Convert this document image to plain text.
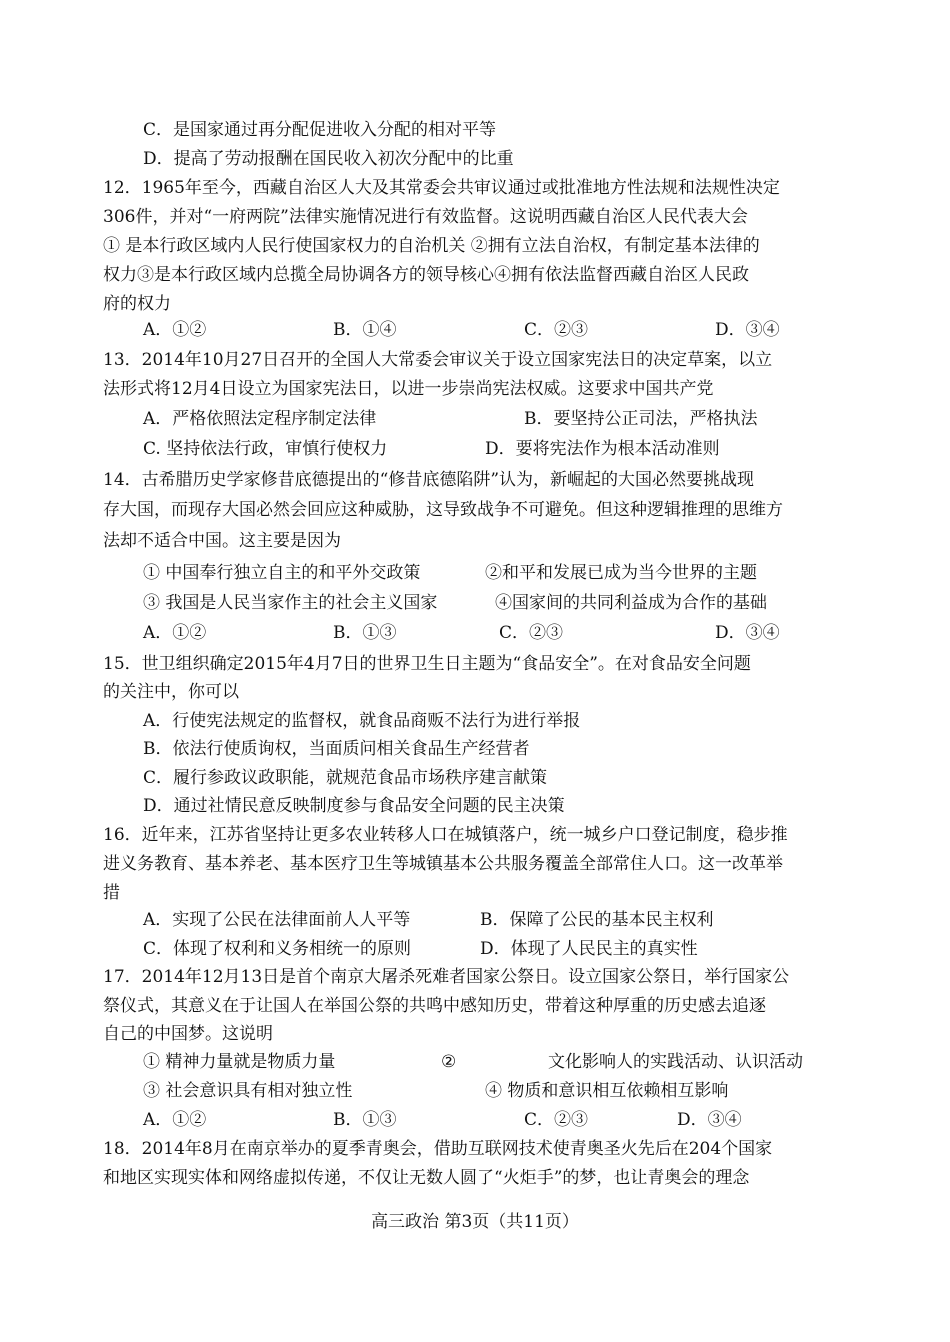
C．是国家通过再分配促进收入分配的相对平等
D．提高了劳动报酬在国民收入初次分配中的比重
12．1965年至今，西藏自治区人大及其常委会共审议通过或批准地方性法规和法规性决定
306件，并对“一府两院”法律实施情况进行有效监督。这说明西藏自治区人民代表大会
① 是本行政区域内人民行使国家权力的自治机关 ②拥有立法自治权，有制定基本法律的
权力③是本行政区域内总揽全局协调各方的领导核心④拥有依法监督西藏自治区人民政
府的权力
A．①②	B．①④	C．②③	D．③④
13．2014年10月27日召开的全国人大常委会审议关于设立国家宪法日的决定草案，以立
法形式将12月4日设立为国家宪法日，以进一步崇尚宪法权威。这要求中国共产党
A．严格依照法定程序制定法律	B．要坚持公正司法，严格执法
C. 坚持依法行政，审慎行使权力	D．要将宪法作为根本活动准则
14．古希腊历史学家修昔底德提出的“修昔底德陷阱”认为，新崛起的大国必然要挑战现
存大国，而现存大国必然会回应这种威胁，这导致战争不可避免。但这种逻辑推理的思维方
法却不适合中国。这主要是因为
① 中国奉行独立自主的和平外交政策	②和平和发展已成为当今世界的主题
③ 我国是人民当家作主的社会主义国家	④国家间的共同利益成为合作的基础
A．①②	B．①③	C．②③	D．③④
15．世卫组织确定2015年4月7日的世界卫生日主题为“食品安全”。在对食品安全问题
的关注中，你可以
A．行使宪法规定的监督权，就食品商贩不法行为进行举报
B．依法行使质询权，当面质问相关食品生产经营者
C．履行参政议政职能，就规范食品市场秩序建言献策
D．通过社情民意反映制度参与食品安全问题的民主决策
16．近年来，江苏省坚持让更多农业转移人口在城镇落户，统一城乡户口登记制度，稳步推
进义务教育、基本养老、基本医疗卫生等城镇基本公共服务覆盖全部常住人口。这一改革举
措
A．实现了公民在法律面前人人平等	B．保障了公民的基本民主权利
C．体现了权利和义务相统一的原则	D．体现了人民民主的真实性
17．2014年12月13日是首个南京大屠杀死难者国家公祭日。设立国家公祭日，举行国家公
祭仪式，其意义在于让国人在举国公祭的共鸣中感知历史，带着这种厚重的历史感去追逐
自己的中国梦。这说明
① 精神力量就是物质力量	②	文化影响人的实践活动、认识活动
③ 社会意识具有相对独立性	④ 物质和意识相互依赖相互影响
A．①②	B．①③	C．②③	D．③④
18．2014年8月在南京举办的夏季青奥会，借助互联网技术使青奥圣火先后在204个国家
和地区实现实体和网络虚拟传递，不仅让无数人圆了“火炬手”的梦，也让青奥会的理念
高三政治 第3页（共11页）
